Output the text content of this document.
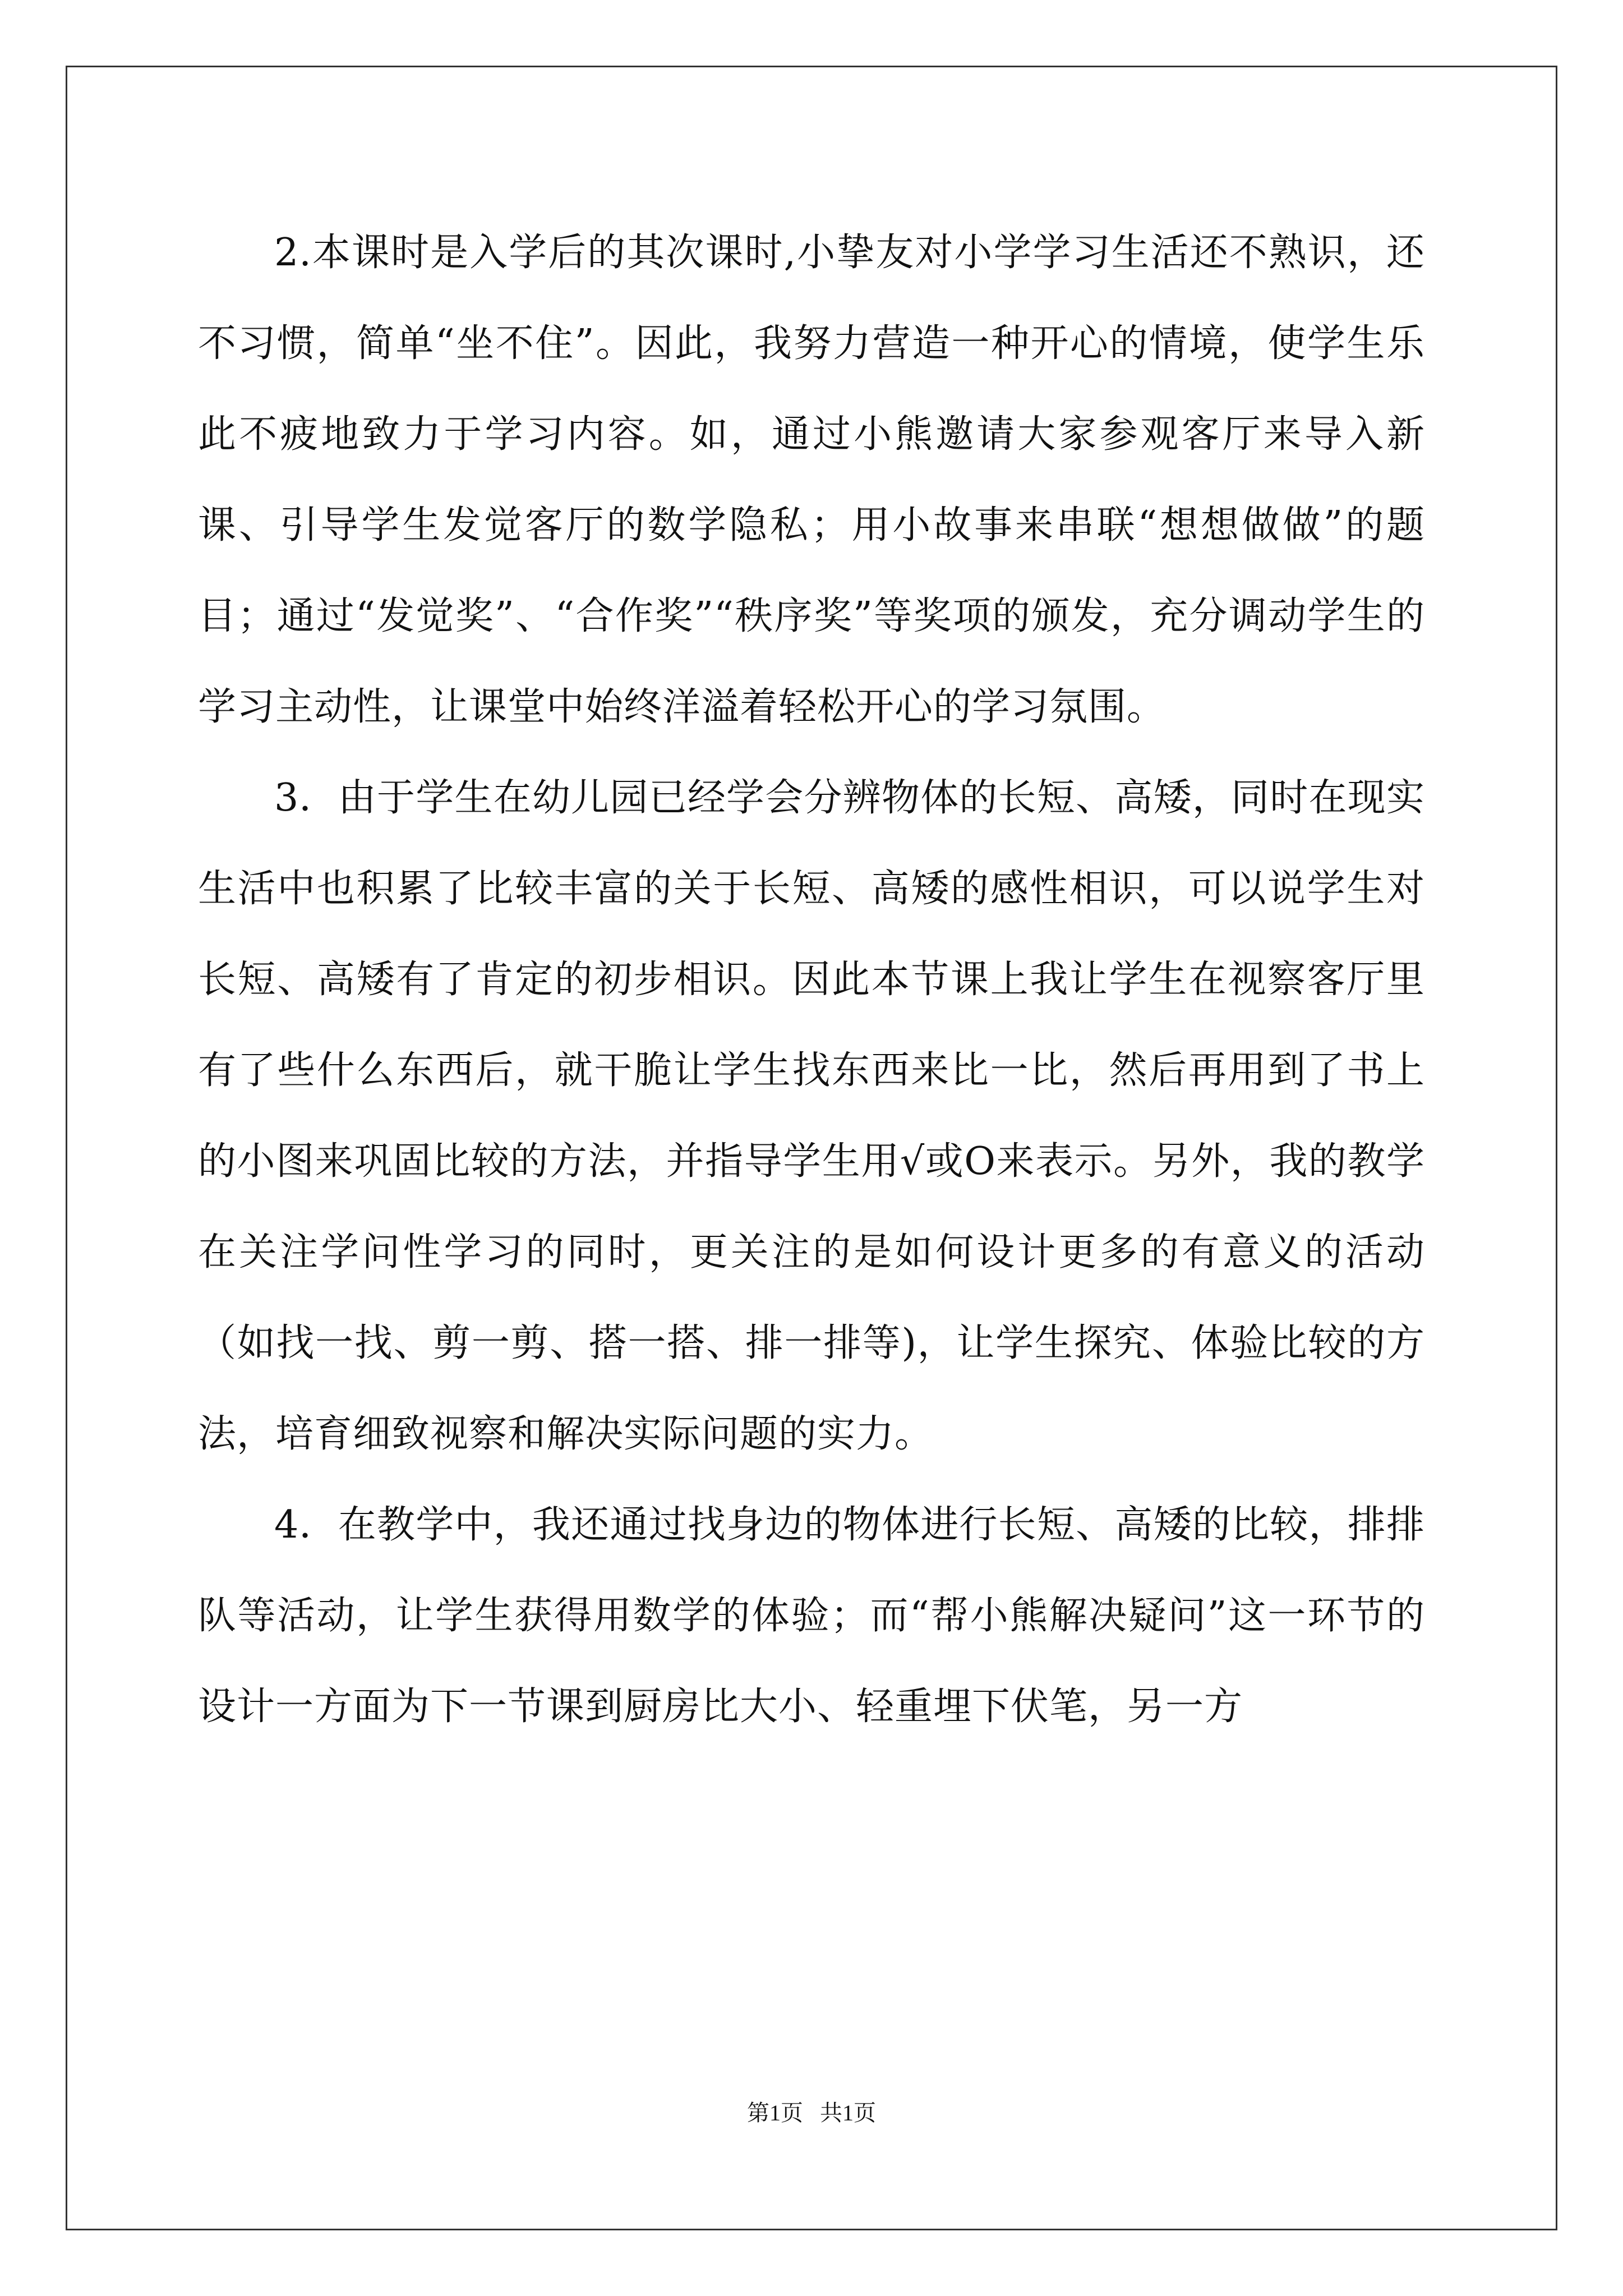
2.本课时是入学后的其次课时,小挚友对小学学习生活还不熟识，还不习惯，简单“坐不住”。因此，我努力营造一种开心的情境，使学生乐此不疲地致力于学习内容。如，通过小熊邀请大家参观客厅来导入新课、引导学生发觉客厅的数学隐私；用小故事来串联“想想做做”的题目；通过“发觉奖”、“合作奖”“秩序奖”等奖项的颁发，充分调动学生的学习主动性，让课堂中始终洋溢着轻松开心的学习氛围。

3．由于学生在幼儿园已经学会分辨物体的长短、高矮，同时在现实生活中也积累了比较丰富的关于长短、高矮的感性相识，可以说学生对长短、高矮有了肯定的初步相识。因此本节课上我让学生在视察客厅里有了些什么东西后，就干脆让学生找东西来比一比，然后再用到了书上的小图来巩固比较的方法，并指导学生用√或O来表示。另外，我的教学在关注学问性学习的同时，更关注的是如何设计更多的有意义的活动（如找一找、剪一剪、搭一搭、排一排等)，让学生探究、体验比较的方法，培育细致视察和解决实际问题的实力。

4．在教学中，我还通过找身边的物体进行长短、高矮的比较，排排队等活动，让学生获得用数学的体验；而“帮小熊解决疑问”这一环节的设计一方面为下一节课到厨房比大小、轻重埋下伏笔，另一方

第1页 共1页
